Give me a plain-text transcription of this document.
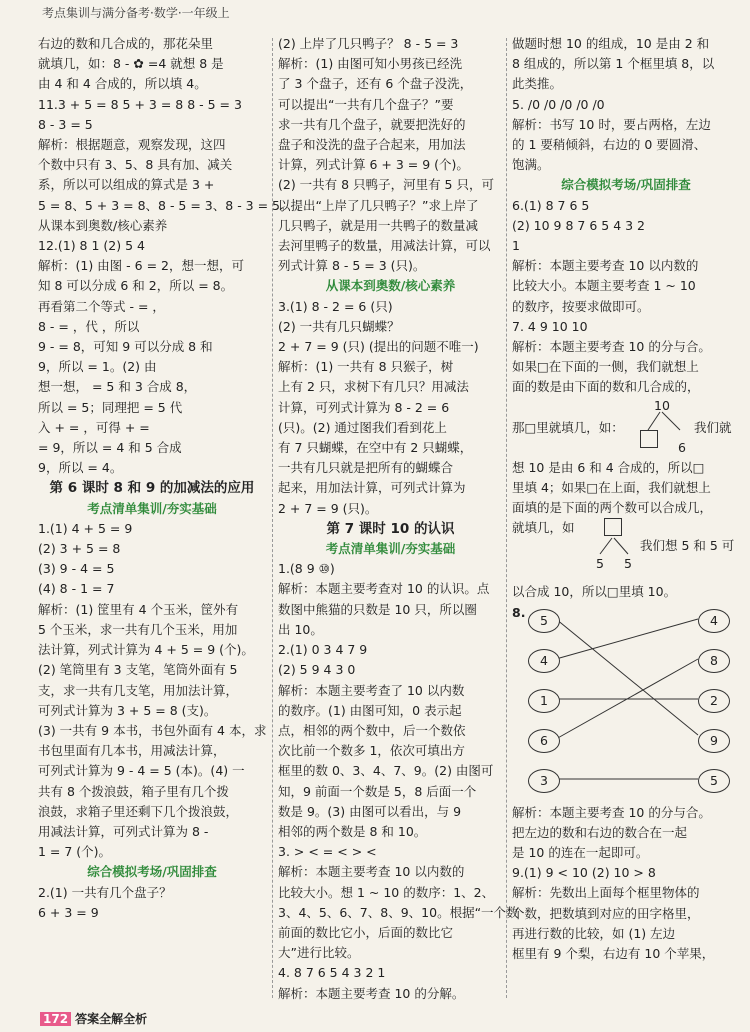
考点集训与满分备考·数学·一年级上
右边的数和几合成的，那花朵里
就填几，如：8 - ✿ =4 就想 8 是
由 4 和 4 合成的，所以填 4。
11.3 + 5 = 8 5 + 3 = 8 8 - 5 = 3
8 - 3 = 5
解析：根据题意，观察发现，这四
个数中只有 3、5、8 具有加、减关
系，所以可以组成的算式是 3 +
5 = 8、5 + 3 = 8、8 - 5 = 3、8 - 3 = 5。
从课本到奥数/核心素养
12.(1) 8 1 (2) 5 4
解析：(1) 由图 - 6 = 2，想一想，可
知 8 可以分成 6 和 2，所以 = 8。
再看第二个等式 - = ，
8 - = ，代 ，所以
9 - = 8，可知 9 可以分成 8 和
9，所以 = 1。(2) 由
想一想， = 5 和 3 合成 8，
所以 = 5；同理把 = 5 代
入 + = ，可得 + =
= 9，所以 = 4 和 5 合成
9，所以 = 4。
第 6 课时 8 和 9 的加减法的应用
考点清单集训/夯实基础
1.(1) 4 + 5 = 9
(2) 3 + 5 = 8
(3) 9 - 4 = 5
(4) 8 - 1 = 7
解析：(1) 筐里有 4 个玉米，筐外有
5 个玉米，求一共有几个玉米，用加
法计算，列式计算为 4 + 5 = 9 (个)。
(2) 笔筒里有 3 支笔，笔筒外面有 5
支，求一共有几支笔，用加法计算，
可列式计算为 3 + 5 = 8 (支)。
(3) 一共有 9 本书，书包外面有 4 本，求
书包里面有几本书，用减法计算，
可列式计算为 9 - 4 = 5 (本)。(4) 一
共有 8 个拨浪鼓，箱子里有几个拨
浪鼓，求箱子里还剩下几个拨浪鼓，
用减法计算，可列式计算为 8 -
1 = 7 (个)。
综合模拟考场/巩固排查
2.(1) 一共有几个盘子？
6 + 3 = 9
(2) 上岸了几只鸭子？ 8 - 5 = 3
解析：(1) 由图可知小男孩已经洗
了 3 个盘子，还有 6 个盘子没洗，
可以提出“一共有几个盘子？”要
求一共有几个盘子，就要把洗好的
盘子和没洗的盘子合起来，用加法
计算，列式计算 6 + 3 = 9 (个)。
(2) 一共有 8 只鸭子，河里有 5 只，可
以提出“上岸了几只鸭子？”求上岸了
几只鸭子，就是用一共鸭子的数量减
去河里鸭子的数量，用减法计算，可以
列式计算 8 - 5 = 3 (只)。
从课本到奥数/核心素养
3.(1) 8 - 2 = 6 (只)
(2) 一共有几只蝴蝶？
2 + 7 = 9 (只) (提出的问题不唯一)
解析：(1) 一共有 8 只猴子，树
上有 2 只，求树下有几只？用减法
计算，可列式计算为 8 - 2 = 6
(只)。(2) 通过图我们看到花上
有 7 只蝴蝶，在空中有 2 只蝴蝶，
一共有几只就是把所有的蝴蝶合
起来，用加法计算，可列式计算为
2 + 7 = 9 (只)。
第 7 课时 10 的认识
考点清单集训/夯实基础
1.(8 9 ⑩)
解析：本题主要考查对 10 的认识。点
数图中熊猫的只数是 10 只，所以圈
出 10。
2.(1) 0 3 4 7 9
(2) 5 9 4 3 0
解析：本题主要考查了 10 以内数
的数序。(1) 由图可知，0 表示起
点，相邻的两个数中，后一个数依
次比前一个数多 1，依次可填出方
框里的数 0、3、4、7、9。(2) 由图可
知，9 前面一个数是 5，8 后面一个
数是 9。(3) 由图可以看出，与 9
相邻的两个数是 8 和 10。
3. > < = < > <
解析：本题主要考查 10 以内数的
比较大小。想 1 ~ 10 的数序：1、2、
3、4、5、6、7、8、9、10。根据“一个数
前面的数比它小，后面的数比它
大”进行比较。
4. 8 7 6 5 4 3 2 1
解析：本题主要考查 10 的分解。
做题时想 10 的组成，10 是由 2 和
8 组成的，所以第 1 个框里填 8，以
此类推。
5. /0 /0 /0 /0 /0
解析：书写 10 时，要占两格，左边
的 1 要稍倾斜，右边的 0 要圆滑、
饱满。
综合模拟考场/巩固排查
6.(1) 8 7 6 5
(2) 10 9 8 7 6 5 4 3 2
1
解析：本题主要考查 10 以内数的
比较大小。本题主要考查 1 ~ 10
的数序，按要求做即可。
7. 4 9 10 10
解析：本题主要考查 10 的分与合。
如果□在下面的一侧，我们就想上
面的数是由下面的数和几合成的，
那□里就填几，如：
10
6
我们就
想 10 是由 6 和 4 合成的，所以□
里填 4；如果□在上面，我们就想上
面填的是下面的两个数可以合成几，
就填几，如
5 5
我们想 5 和 5 可
以合成 10，所以□里填 10。
8.
5
4
1
6
3
4
8
2
9
5
解析：本题主要考查 10 的分与合。
把左边的数和右边的数合在一起
是 10 的连在一起即可。
9.(1) 9 < 10 (2) 10 > 8
解析：先数出上面每个框里物体的
个数，把数填到对应的田字格里，
再进行数的比较，如 (1) 左边
框里有 9 个梨，右边有 10 个苹果，
172 答案全解全析
